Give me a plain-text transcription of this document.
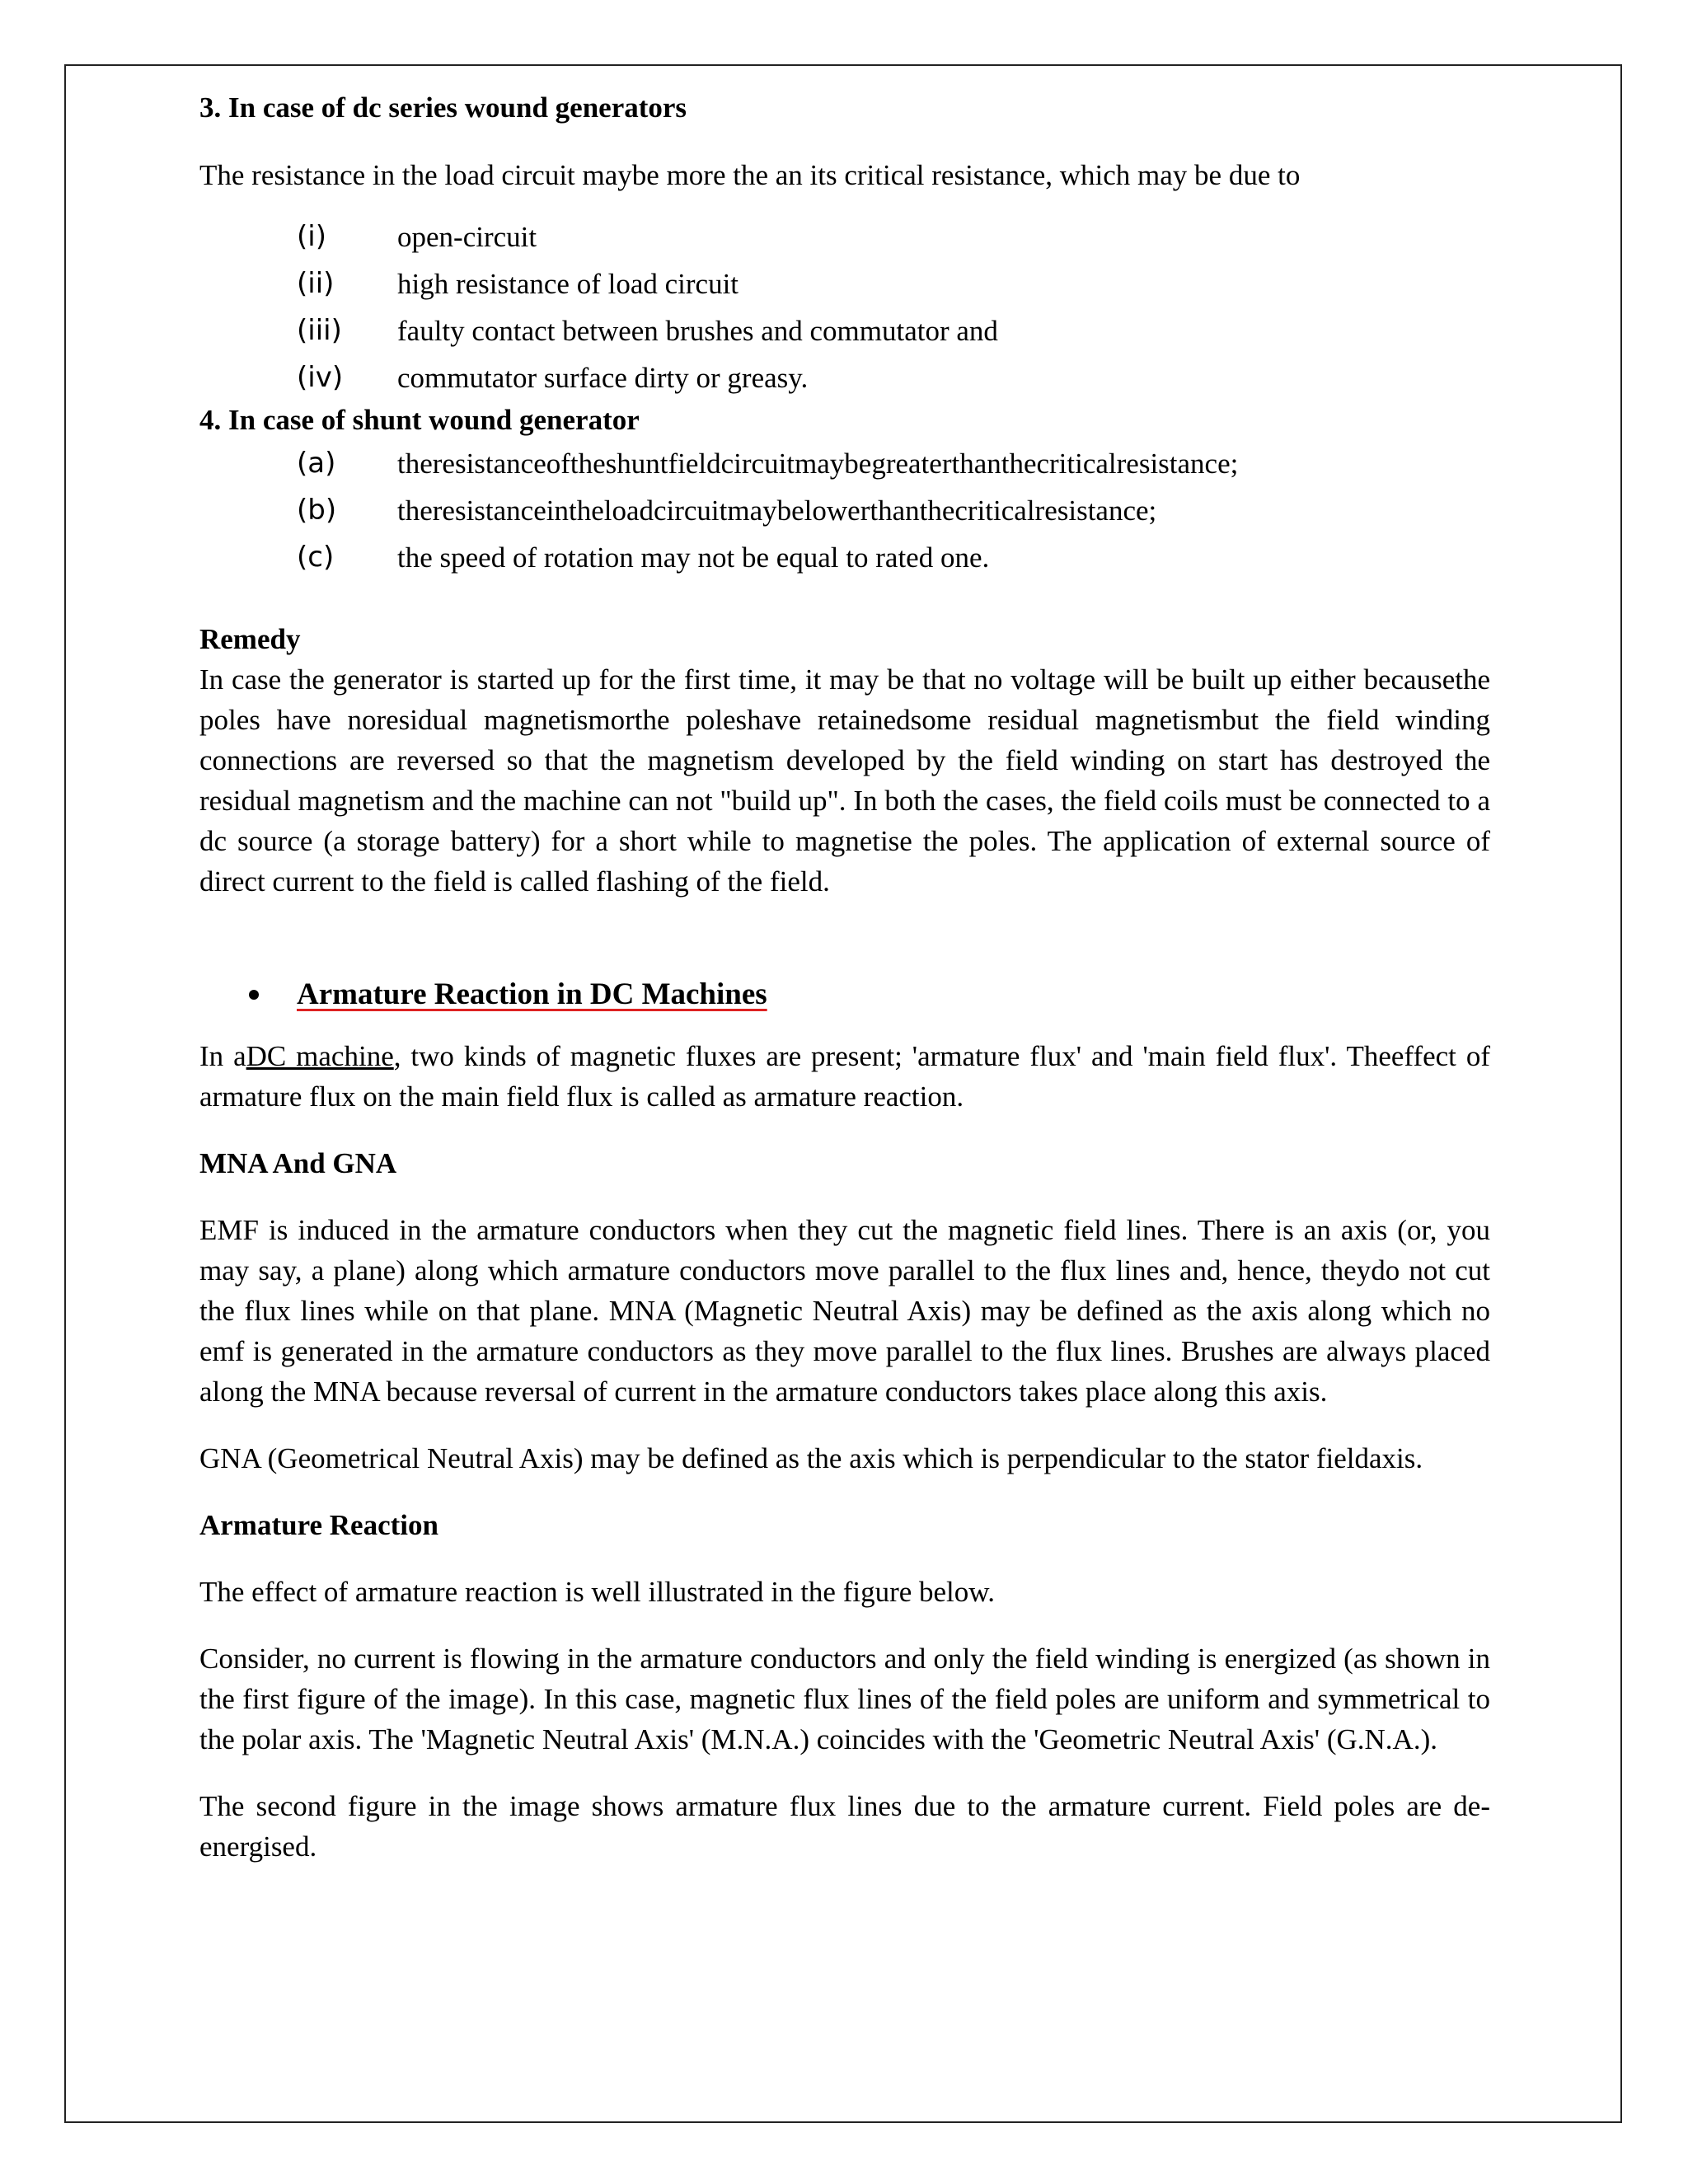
3. In case of dc series wound generators

The resistance in the load circuit maybe more the an its critical resistance, which may be due to

(i)	open-circuit
(ii)	high resistance of load circuit
(iii)	faulty contact between brushes and commutator and
(iv)	commutator surface dirty or greasy.

4. In case of shunt wound generator

(a)	theresistanceoftheshuntfieldcircuitmaybegreaterthanthecriticalresistance;
(b)	theresistanceintheloadcircuitmaybelowerthanthecriticalresistance;
(c)	the speed of rotation may not be equal to rated one.

Remedy

In case the generator is started up for the first time, it may be that no voltage will be built up either becausethe poles have noresidual magnetismorthe poleshave retainedsome residual magnetismbut the field winding connections are reversed so that the magnetism developed by the field winding on start has destroyed the residual magnetism and the machine can not "build up". In both the cases, the field coils must be connected to a dc source (a storage battery) for a short while to magnetise the poles. The application of external source of direct current to the field is called flashing of the field.

Armature Reaction in DC Machines

In aDC machine, two kinds of magnetic fluxes are present; 'armature flux' and 'main field flux'. Theeffect of armature flux on the main field flux is called as armature reaction.

MNA And GNA

EMF is induced in the armature conductors when they cut the magnetic field lines. There is an axis (or, you may say, a plane) along which armature conductors move parallel to the flux lines and, hence, theydo not cut the flux lines while on that plane. MNA (Magnetic Neutral Axis) may be defined as the axis along which no emf is generated in the armature conductors as they move parallel to the flux lines. Brushes are always placed along the MNA because reversal of current in the armature conductors takes place along this axis.

GNA (Geometrical Neutral Axis) may be defined as the axis which is perpendicular to the stator fieldaxis.

Armature Reaction

The effect of armature reaction is well illustrated in the figure below.

Consider, no current is flowing in the armature conductors and only the field winding is energized (as shown in the first figure of the image). In this case, magnetic flux lines of the field poles are uniform and symmetrical to the polar axis. The 'Magnetic Neutral Axis' (M.N.A.) coincides with the 'Geometric Neutral Axis' (G.N.A.).

The second figure in the image shows armature flux lines due to the armature current. Field poles are de-energised.
